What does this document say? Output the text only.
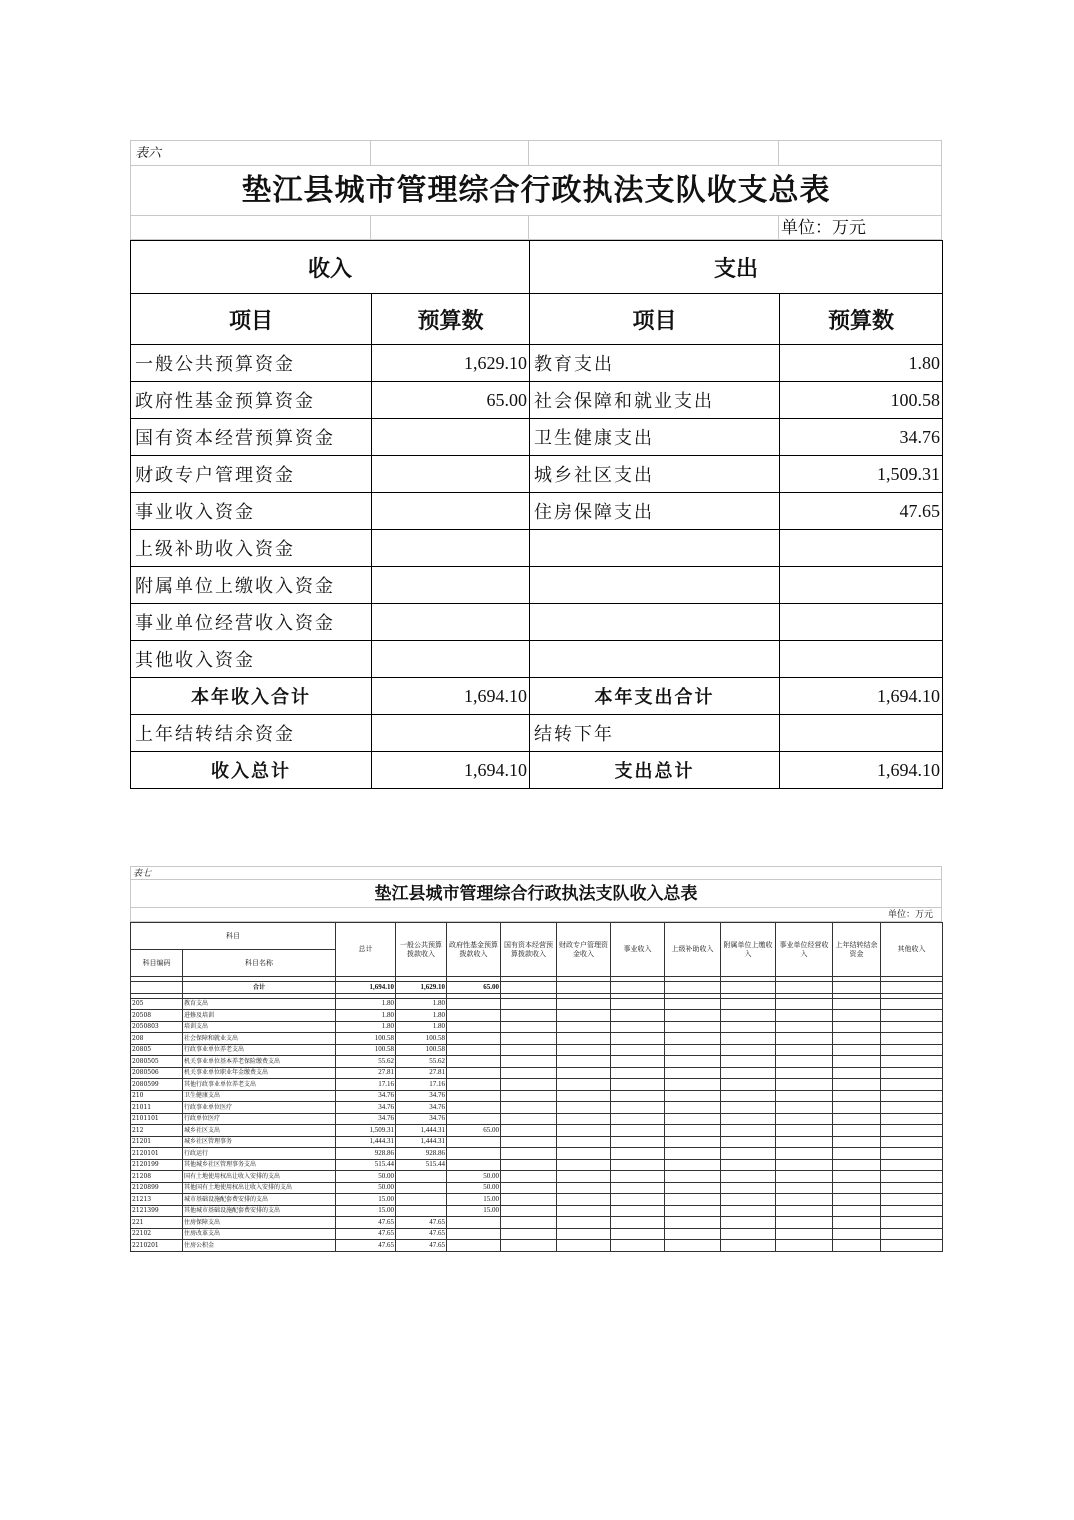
表六
垫江县城市管理综合行政执法支队收支总表
单位：万元
收入		支出	
项目	预算数	项目	预算数
一般公共预算资金	1,629.10	教育支出	1.80
政府性基金预算资金	65.00	社会保障和就业支出	100.58
国有资本经营预算资金		卫生健康支出	34.76
财政专户管理资金		城乡社区支出	1,509.31
事业收入资金		住房保障支出	47.65
上级补助收入资金			
附属单位上缴收入资金			
事业单位经营收入资金			
其他收入资金			
本年收入合计	1,694.10	本年支出合计	1,694.10
上年结转结余资金		结转下年	
收入总计	1,694.10	支出总计	1,694.10
表七
垫江县城市管理综合行政执法支队收入总表
单位：万元
科目		总计	一般公共预算拨款收入	政府性基金预算拨款收入	国有资本经营预算拨款收入	财政专户管理资金收入	事业收入	上级补助收入	附属单位上缴收入	事业单位经营收入	上年结转结余资金	其他收入
科目编码	科目名称											

	合计	1,694.10	1,629.10	65.00								

205	教育支出	1.80	1.80									
20508	进修及培训	1.80	1.80									
2050803	培训支出	1.80	1.80									
208	社会保障和就业支出	100.58	100.58									
20805	行政事业单位养老支出	100.58	100.58									
2080505	机关事业单位基本养老保险缴费支出	55.62	55.62									
2080506	机关事业单位职业年金缴费支出	27.81	27.81									
2080599	其他行政事业单位养老支出	17.16	17.16									
210	卫生健康支出	34.76	34.76									
21011	行政事业单位医疗	34.76	34.76									
2101101	行政单位医疗	34.76	34.76									
212	城乡社区支出	1,509.31	1,444.31	65.00								
21201	城乡社区管理事务	1,444.31	1,444.31									
2120101	行政运行	928.86	928.86									
2120199	其他城乡社区管理事务支出	515.44	515.44									
21208	国有土地使用权出让收入安排的支出	50.00		50.00								
2120899	其他国有土地使用权出让收入安排的支出	50.00		50.00								
21213	城市基础设施配套费安排的支出	15.00		15.00								
2121399	其他城市基础设施配套费安排的支出	15.00		15.00								
221	住房保障支出	47.65	47.65									
22102	住房改革支出	47.65	47.65									
2210201	住房公积金	47.65	47.65									
